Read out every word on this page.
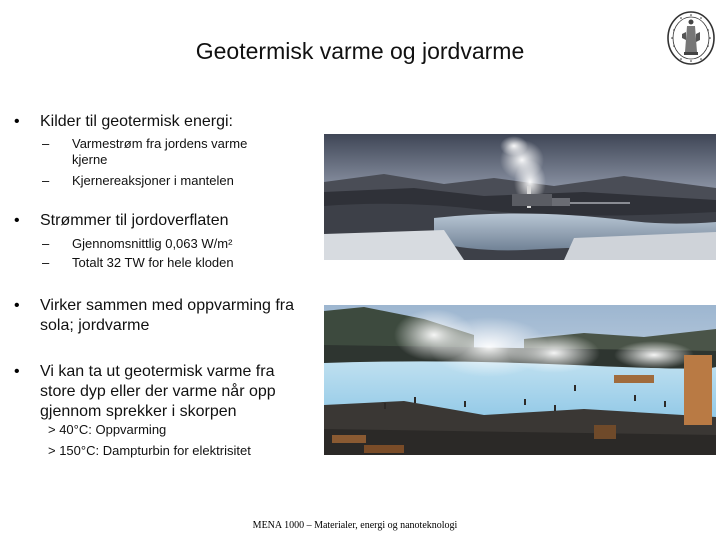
Geotermisk varme og jordvarme
• Kilder til geotermisk energi:
– Varmestrøm fra jordens varme
kjerne
– Kjernereaksjoner i mantelen
• Strømmer til jordoverflaten
– Gjennomsnittlig 0,063 W/m²
– Totalt 32 TW for hele kloden
• Virker sammen med oppvarming fra
sola; jordvarme
• Vi kan ta ut geotermisk varme fra
store dyp eller der varme når opp
gjennom sprekker i skorpen
> 40°C: Oppvarming
> 150°C: Dampturbin for elektrisitet
MENA 1000 – Materialer, energi og nanoteknologi
